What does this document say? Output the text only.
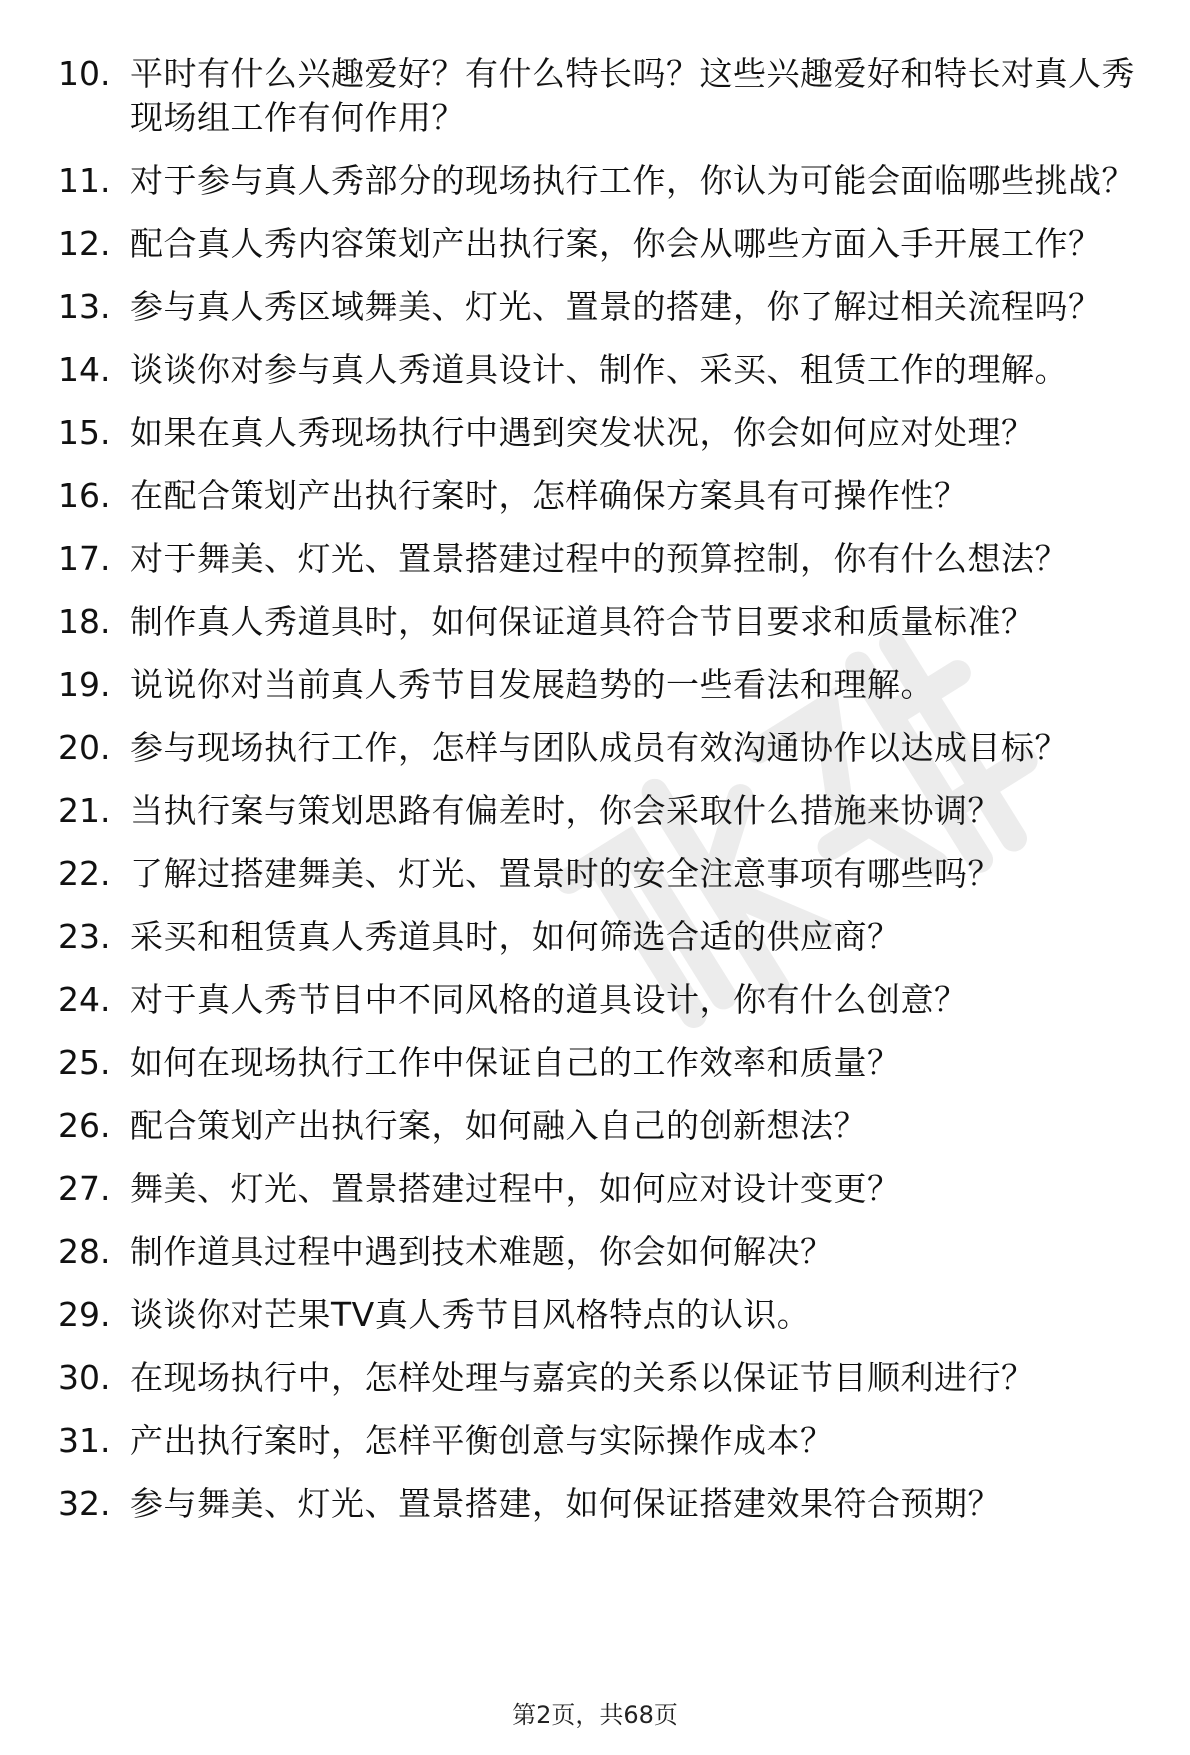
10. 平时有什么兴趣爱好？有什么特长吗？这些兴趣爱好和特长对真人秀现场组工作有何作用？
11. 对于参与真人秀部分的现场执行工作，你认为可能会面临哪些挑战？
12. 配合真人秀内容策划产出执行案，你会从哪些方面入手开展工作？
13. 参与真人秀区域舞美、灯光、置景的搭建，你了解过相关流程吗？
14. 谈谈你对参与真人秀道具设计、制作、采买、租赁工作的理解。
15. 如果在真人秀现场执行中遇到突发状况，你会如何应对处理？
16. 在配合策划产出执行案时，怎样确保方案具有可操作性？
17. 对于舞美、灯光、置景搭建过程中的预算控制，你有什么想法？
18. 制作真人秀道具时，如何保证道具符合节目要求和质量标准？
19. 说说你对当前真人秀节目发展趋势的一些看法和理解。
20. 参与现场执行工作，怎样与团队成员有效沟通协作以达成目标？
21. 当执行案与策划思路有偏差时，你会采取什么措施来协调？
22. 了解过搭建舞美、灯光、置景时的安全注意事项有哪些吗？
23. 采买和租赁真人秀道具时，如何筛选合适的供应商？
24. 对于真人秀节目中不同风格的道具设计，你有什么创意？
25. 如何在现场执行工作中保证自己的工作效率和质量？
26. 配合策划产出执行案，如何融入自己的创新想法？
27. 舞美、灯光、置景搭建过程中，如何应对设计变更？
28. 制作道具过程中遇到技术难题，你会如何解决？
29. 谈谈你对芒果TV真人秀节目风格特点的认识。
30. 在现场执行中，怎样处理与嘉宾的关系以保证节目顺利进行？
31. 产出执行案时，怎样平衡创意与实际操作成本？
32. 参与舞美、灯光、置景搭建，如何保证搭建效果符合预期？
第2页，共68页
